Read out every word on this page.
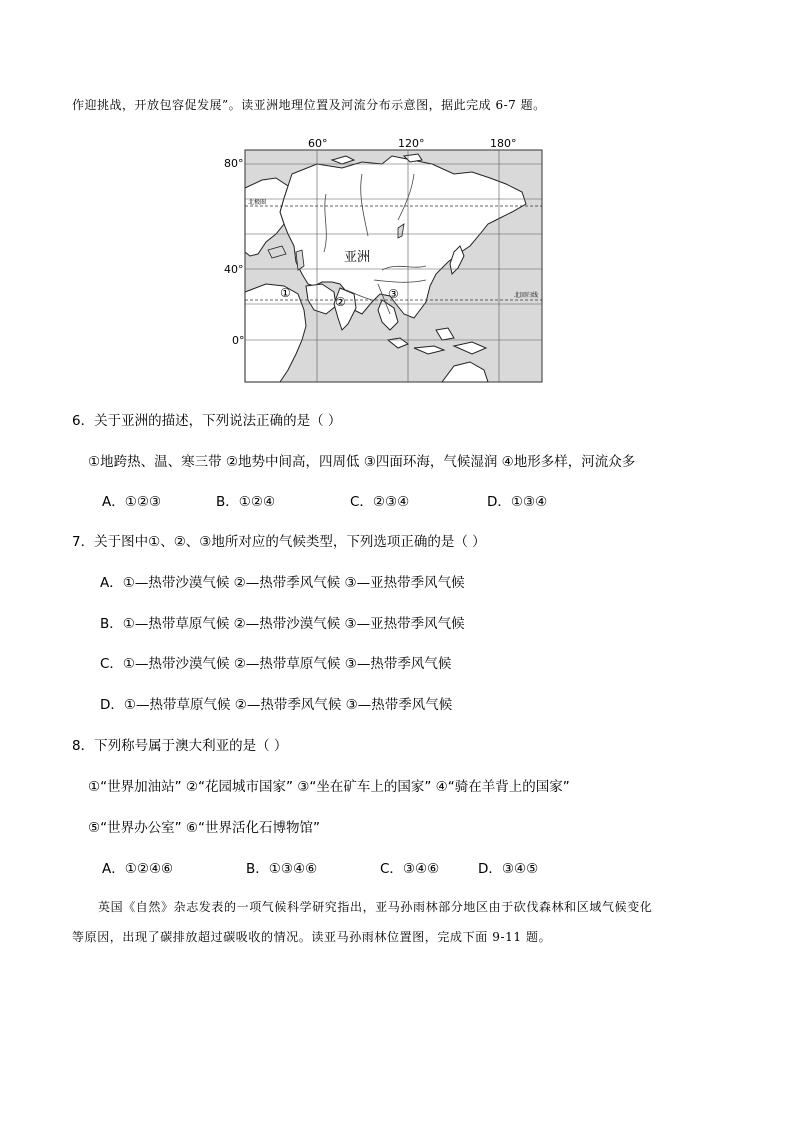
作迎挑战，开放包容促发展”。读亚洲地理位置及河流分布示意图，据此完成 6-7 题。
60°	120°	180°
80°
40°
0°
北极圈
北回归线
亚洲
①
②
③
6．关于亚洲的描述，下列说法正确的是（ ）
①地跨热、温、寒三带 ②地势中间高，四周低 ③四面环海，气候湿润 ④地形多样，河流众多
A．①②③	B．①②④	C．②③④	D．①③④
7．关于图中①、②、③地所对应的气候类型，下列选项正确的是（ ）
A．①—热带沙漠气候 ②—热带季风气候 ③—亚热带季风气候
B．①—热带草原气候 ②—热带沙漠气候 ③—亚热带季风气候
C．①—热带沙漠气候 ②—热带草原气候 ③—热带季风气候
D．①—热带草原气候 ②—热带季风气候 ③—热带季风气候
8．下列称号属于澳大利亚的是（ ）
①“世界加油站” ②“花园城市国家” ③“坐在矿车上的国家” ④“骑在羊背上的国家”
⑤“世界办公室” ⑥“世界活化石博物馆”
A．①②④⑥	B．①③④⑥	C．③④⑥	D．③④⑤
英国《自然》杂志发表的一项气候科学研究指出，亚马孙雨林部分地区由于砍伐森林和区域气候变化
等原因，出现了碳排放超过碳吸收的情况。读亚马孙雨林位置图，完成下面 9-11 题。
